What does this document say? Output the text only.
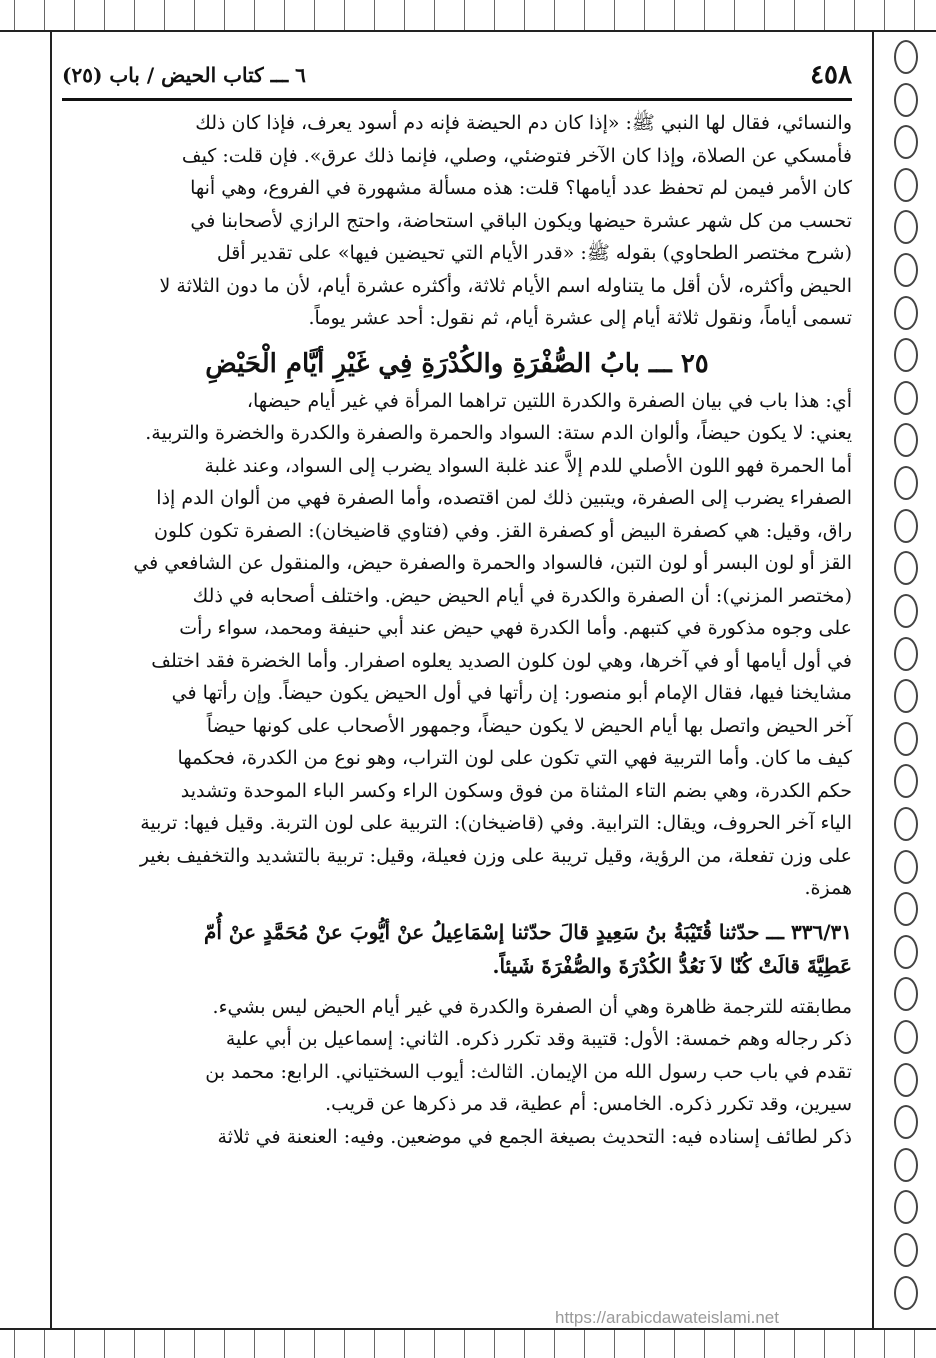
٤٥٨
٦ ـــ كتاب الحيض / باب (٢٥)

والنسائي، فقال لها النبي ﷺ: «إذا كان دم الحيضة فإنه دم أسود يعرف، فإذا كان ذلك

فأمسكي عن الصلاة، وإذا كان الآخر فتوضئي، وصلي، فإنما ذلك عرق». فإن قلت: كيف

كان الأمر فيمن لم تحفظ عدد أيامها؟ قلت: هذه مسألة مشهورة في الفروع، وهي أنها

تحسب من كل شهر عشرة حيضها ويكون الباقي استحاضة، واحتج الرازي لأصحابنا في

(شرح مختصر الطحاوي) بقوله ﷺ: «قدر الأيام التي تحيضين فيها» على تقدير أقل

الحيض وأكثره، لأن أقل ما يتناوله اسم الأيام ثلاثة، وأكثره عشرة أيام، لأن ما دون الثلاثة لا

تسمى أياماً، ونقول ثلاثة أيام إلى عشرة أيام، ثم نقول: أحد عشر يوماً.

٢٥ ـــ بابُ الصُّفْرَةِ والكُدْرَةِ فِي غَيْرِ أيَّامِ الْحَيْضِ

أي: هذا باب في بيان الصفرة والكدرة اللتين تراهما المرأة في غير أيام حيضها،

يعني: لا يكون حيضاً، وألوان الدم ستة: السواد والحمرة والصفرة والكدرة والخضرة والتربية.

أما الحمرة فهو اللون الأصلي للدم إلاَّ عند غلبة السواد يضرب إلى السواد، وعند غلبة

الصفراء يضرب إلى الصفرة، ويتبين ذلك لمن اقتصده، وأما الصفرة فهي من ألوان الدم إذا

راق، وقيل: هي كصفرة البيض أو كصفرة القز. وفي (فتاوي قاضيخان): الصفرة تكون كلون

القز أو لون البسر أو لون التبن، فالسواد والحمرة والصفرة حيض، والمنقول عن الشافعي في

(مختصر المزني): أن الصفرة والكدرة في أيام الحيض حيض. واختلف أصحابه في ذلك

على وجوه مذكورة في كتبهم. وأما الكدرة فهي حيض عند أبي حنيفة ومحمد، سواء رأت

في أول أيامها أو في آخرها، وهي لون كلون الصديد يعلوه اصفرار. وأما الخضرة فقد اختلف

مشايخنا فيها، فقال الإمام أبو منصور: إن رأتها في أول الحيض يكون حيضاً. وإن رأتها في

آخر الحيض واتصل بها أيام الحيض لا يكون حيضاً، وجمهور الأصحاب على كونها حيضاً

كيف ما كان. وأما التربية فهي التي تكون على لون التراب، وهو نوع من الكدرة، فحكمها

حكم الكدرة، وهي بضم التاء المثناة من فوق وسكون الراء وكسر الباء الموحدة وتشديد

الياء آخر الحروف، ويقال: الترابية. وفي (قاضيخان): التربية على لون التربة. وقيل فيها: تربية

على وزن تفعلة، من الرؤية، وقيل تريبة على وزن فعيلة، وقيل: تربية بالتشديد والتخفيف بغير

همزة.

٣٣٦/٣١ ـــ حدّثنا قُتَيْبَةُ بنُ سَعِيدٍ قالَ حدّثنا إسْمَاعِيلُ عنْ أيُّوبَ عنْ مُحَمَّدٍ عنْ أُمّ
عَطِيَّةَ قالَتْ كُنّا لاَ نَعُدُّ الكُدْرَةَ والصُّفْرَةَ شَيئاً.

مطابقته للترجمة ظاهرة وهي أن الصفرة والكدرة في غير أيام الحيض ليس بشيء.

ذكر رجاله وهم خمسة: الأول: قتيبة وقد تكرر ذكره. الثاني: إسماعيل بن أبي علية

تقدم في باب حب رسول الله من الإيمان. الثالث: أيوب السختياني. الرابع: محمد بن

سيرين، وقد تكرر ذكره. الخامس: أم عطية، قد مر ذكرها عن قريب.

ذكر لطائف إسناده فيه: التحديث بصيغة الجمع في موضعين. وفيه: العنعنة في ثلاثة

https://arabicdawateislami.net
